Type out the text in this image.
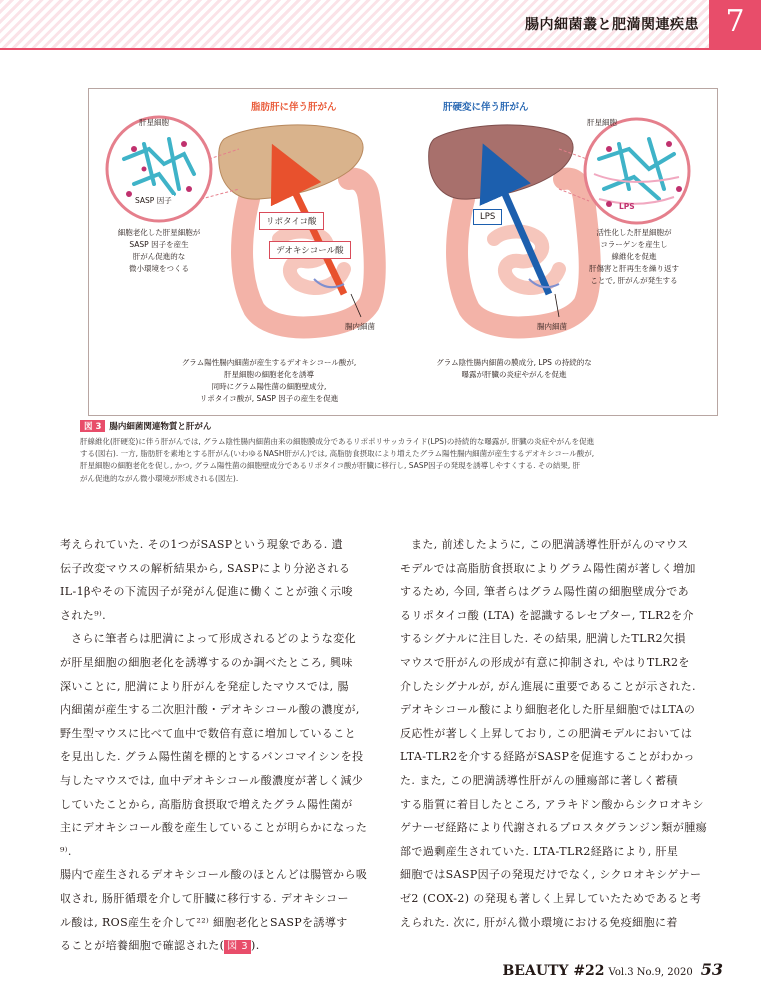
腸内細菌叢と肥満関連疾患 7
脂肪肝に伴う肝がん
肝星細胞
SASP 因子
細胞老化した肝星細胞が
SASP 因子を産生
肝がん促進的な
微小環境をつくる
リポタイコ酸
デオキシコール酸
腸内細菌
グラム陽性腸内細菌が産生するデオキシコール酸が,
肝星細胞の細胞老化を誘導
同時にグラム陽性菌の細胞壁成分,
リポタイコ酸が, SASP 因子の産生を促進
肝硬変に伴う肝がん
肝星細胞
LPS
LPS
活性化した肝星細胞が
コラーゲンを産生し
線維化を促進
肝傷害と肝再生を繰り返す
ことで, 肝がんが発生する
腸内細菌
グラム陰性腸内細菌の膜成分, LPS の持続的な
曝露が肝臓の炎症やがんを促進
図 3 腸内細菌関連物質と肝がん
肝線維化(肝硬変)に伴う肝がんでは, グラム陰性腸内細菌由来の細胞膜成分であるリポポリサッカライド(LPS)の持続的な曝露が, 肝臓の炎症やがんを促進
する(図右). 一方, 脂肪肝を素地とする肝がん(いわゆるNASH肝がん)では, 高脂肪食摂取により増えたグラム陽性腸内細菌が産生するデオキシコール酸が,
肝星細胞の細胞老化を促し, かつ, グラム陽性菌の細胞壁成分であるリポタイコ酸が肝臓に移行し, SASP因子の発現を誘導しやすくする. その結果, 肝
がん促進的ながん微小環境が形成される(図左).

考えられていた. その1つがSASPという現象である. 遺

伝子改変マウスの解析結果から, SASPにより分泌される

IL-1βやその下流因子が発がん促進に働くことが強く示唆

された⁹⁾.

さらに筆者らは肥満によって形成されるどのような変化

が肝星細胞の細胞老化を誘導するのか調べたところ, 興味

深いことに, 肥満により肝がんを発症したマウスでは, 腸

内細菌が産生する二次胆汁酸・デオキシコール酸の濃度が,

野生型マウスに比べて血中で数倍有意に増加していること

を見出した. グラム陽性菌を標的とするバンコマイシンを投

与したマウスでは, 血中デオキシコール酸濃度が著しく減少

していたことから, 高脂肪食摂取で増えたグラム陽性菌が

主にデオキシコール酸を産生していることが明らかになった⁹⁾.

腸内で産生されるデオキシコール酸のほとんどは腸管から吸

収され, 肠肝循環を介して肝臓に移行する. デオキシコー

ル酸は, ROS産生を介して²²⁾ 細胞老化とSASPを誘導す

ることが培養細胞で確認された( 図 3 ).

また, 前述したように, この肥満誘導性肝がんのマウス

モデルでは高脂肪食摂取によりグラム陽性菌が著しく増加

するため, 今回, 筆者らはグラム陽性菌の細胞壁成分であ

るリポタイコ酸 (LTA) を認識するレセプター, TLR2を介

するシグナルに注目した. その結果, 肥満したTLR2欠損

マウスで肝がんの形成が有意に抑制され, やはりTLR2を

介したシグナルが, がん進展に重要であることが示された.

デオキシコール酸により細胞老化した肝星細胞ではLTAの

反応性が著しく上昇しており, この肥満モデルにおいては

LTA-TLR2を介する経路がSASPを促進することがわかっ

た. また, この肥満誘導性肝がんの腫瘍部に著しく蓄積

する脂質に着目したところ, アラキドン酸からシクロオキシ

ゲナーゼ経路により代謝されるプロスタグランジン類が腫瘍

部で過剰産生されていた. LTA-TLR2経路により, 肝星

細胞ではSASP因子の発現だけでなく, シクロオキシゲナー

ゼ2 (COX-2) の発現も著しく上昇していたためであると考

えられた. 次に, 肝がん微小環境における免疫細胞に着

BEAUTY #22 Vol.3 No.9, 2020 53
